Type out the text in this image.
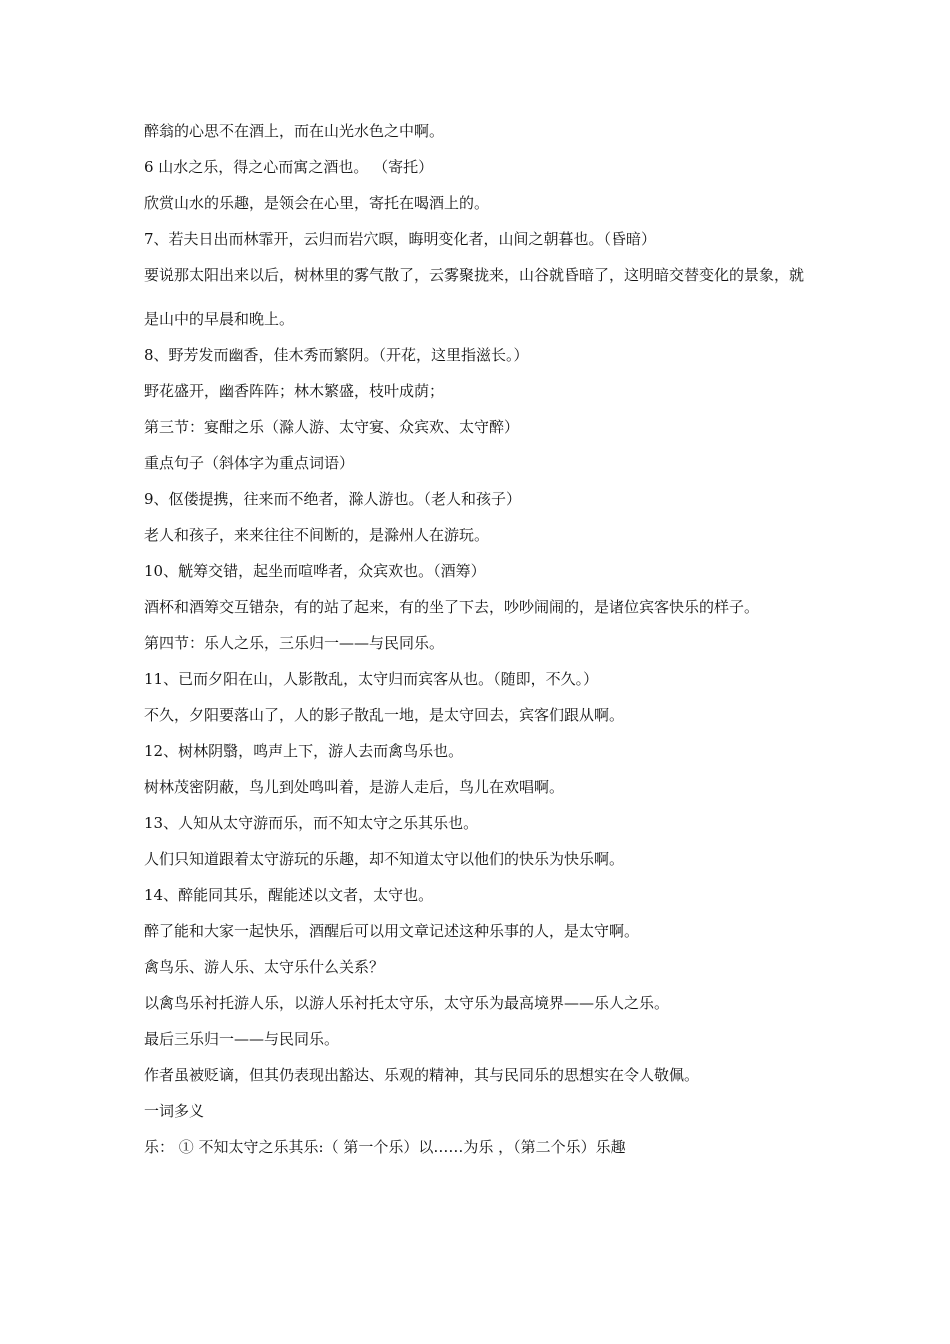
醉翁的心思不在酒上，而在山光水色之中啊。

6 山水之乐，得之心而寓之酒也。 （寄托）

欣赏山水的乐趣，是领会在心里，寄托在喝酒上的。

7、若夫日出而林霏开，云归而岩穴暝，晦明变化者，山间之朝暮也。（昏暗）

要说那太阳出来以后，树林里的雾气散了，云雾聚拢来，山谷就昏暗了，这明暗交替变化的景象，就是山中的早晨和晚上。

8、野芳发而幽香，佳木秀而繁阴。（开花，这里指滋长。）

野花盛开，幽香阵阵；林木繁盛，枝叶成荫；

第三节：宴酣之乐（滁人游、太守宴、众宾欢、太守醉）

重点句子（斜体字为重点词语）

9、伛偻提携，往来而不绝者，滁人游也。（老人和孩子）

老人和孩子，来来往往不间断的，是滁州人在游玩。

10、觥筹交错，起坐而喧哗者，众宾欢也。（酒筹）

酒杯和酒筹交互错杂，有的站了起来，有的坐了下去，吵吵闹闹的，是诸位宾客快乐的样子。

第四节：乐人之乐，三乐归一——与民同乐。

11、已而夕阳在山，人影散乱，太守归而宾客从也。（随即，不久。）

不久，夕阳要落山了，人的影子散乱一地，是太守回去，宾客们跟从啊。

12、树林阴翳，鸣声上下，游人去而禽鸟乐也。

树林茂密阴蔽，鸟儿到处鸣叫着，是游人走后，鸟儿在欢唱啊。

13、人知从太守游而乐，而不知太守之乐其乐也。

人们只知道跟着太守游玩的乐趣，却不知道太守以他们的快乐为快乐啊。

14、醉能同其乐，醒能述以文者，太守也。

醉了能和大家一起快乐，酒醒后可以用文章记述这种乐事的人，是太守啊。

禽鸟乐、游人乐、太守乐什么关系？

以禽鸟乐衬托游人乐，以游人乐衬托太守乐，太守乐为最高境界——乐人之乐。

最后三乐归一——与民同乐。

作者虽被贬谪，但其仍表现出豁达、乐观的精神，其与民同乐的思想实在令人敬佩。

一词多义

乐： ① 不知太守之乐其乐:（ 第一个乐）以……为乐 ，（第二个乐）乐趣
